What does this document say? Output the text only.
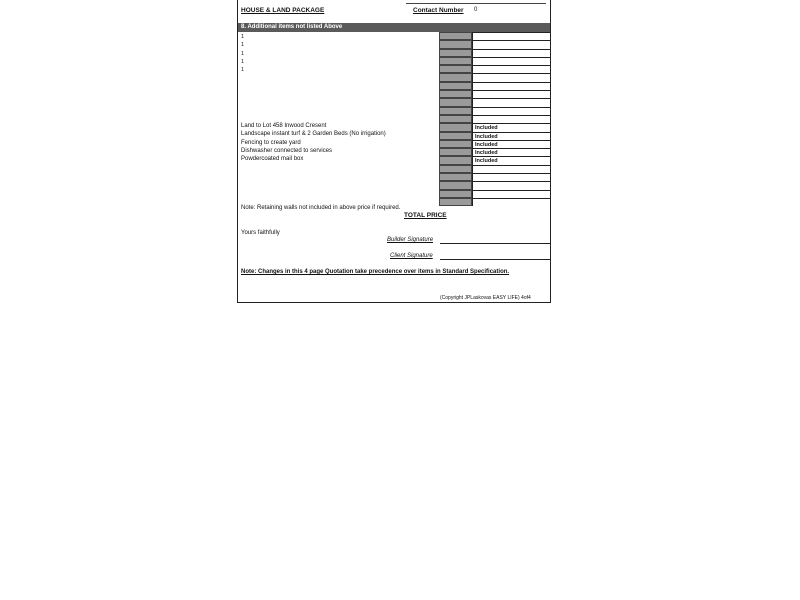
HOUSE & LAND PACKAGE	Contact Number 0
8. Additional items not listed Above
1
1
1
1
1
Land to Lot 458 Inwood Cresent
Landscape instant turf & 2 Garden Beds (No irrigation)
Fencing to create yard
Dishwasher connected to services
Powdercoated mail box
Included
Included
Included
Included
Included
Note: Retaining walls not included in above price if required.
TOTAL PRICE
Yours faithfully
Builder Signature
Client Signature
Note: Changes in this 4 page Quotation take precedence over items in Standard Specification.
(Copyright JPLaskovas EASY LIFE) 4of4
